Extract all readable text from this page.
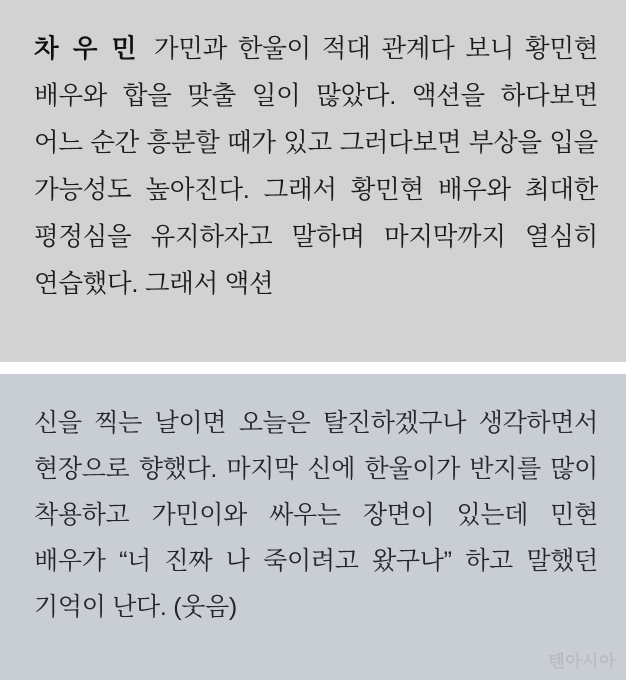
차 우 민 가민과 한울이 적대 관계다 보니 황민현 배우와 합을 맞출 일이 많았다. 액션을 하다보면 어느 순간 흥분할 때가 있고 그러다보면 부상을 입을 가능성도 높아진다. 그래서 황민현 배우와 최대한 평정심을 유지하자고 말하며 마지막까지 열심히 연습했다. 그래서 액션

신을 찍는 날이면 오늘은 탈진하겠구나 생각하면서 현장으로 향했다. 마지막 신에 한울이가 반지를 많이 착용하고 가민이와 싸우는 장면이 있는데 민현 배우가 “너 진짜 나 죽이려고 왔구나” 하고 말했던 기억이 난다. (웃음)

텐아시아
